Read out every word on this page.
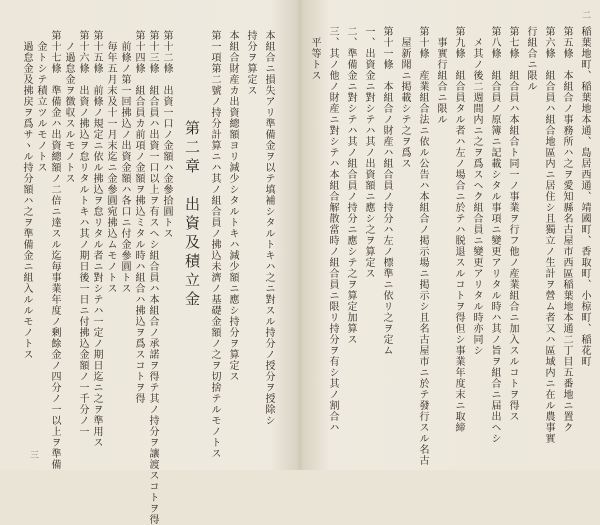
二
稲葉地町、稲葉地本通、島居西通、靖國町、香取町、小椋町、稲花町
第五條　本組合ノ事務所ハ之ヲ愛知縣名古屋市西區稲葉地本通二丁目五番地ニ置ク
第六條　組合員ハ組合地區内ニ居住シ且獨立ノ生計ヲ營ム者又ハ區域内ニ在ル農事實
行組合ニ限ル
第七條　組合員ハ本組合ト同一ノ事業ヲ行フ他ノ産業組合ニ加入スルコトヲ得ス
第八條　組合員ノ原簿ニ記載シタル事項ニ變更アリタル時ハ其ノ旨ヲ組合ニ届出ヘシ
　メ其ノ後二週間内ニ之ヲ爲スヘク組合員ニ變更アリタル時亦同シ
第九條　組合員タル者ハ左ノ場合ニ於テハ脱退スルコトヲ得但シ事業年度末ニ取締
　事實行組合ニ限ル
第十條　産業組合法ニ依ル公告ハ本組合ノ掲示場ニ掲示シ且名古屋市ニ於テ發行スル名古
　屋新聞ニ掲載シテ之ヲ爲ス
第十一條　本組合ノ財産ハ組合員ノ持分ハ左ノ標準ニ依リ之ヲ定ム
一、出資金ニ對シテハ其ノ出資額ニ應シ之ヲ算定ス
二、準備金ニ對シテハ其ノ組合員ノ持分ニ應シテ之ヲ算定加算ス
三、其ノ他ノ財産ニ對シテハ本組合解散當時ノ組合員ニ限リ持分ヲ有シ其ノ割合ハ
　平等トス
本組合ニ損失アリ準備金ヲ以テ填補シタルトキハ之ニ對スル持分ノ授分ヲ授除シ
持分ヲ算定ス
本組合財産カ出資總額ヨリ減少シタルトキハ減少額ニ應シ持分ヲ算定ス
第一項第二號ノ持分計算ニハ其ノ組合員ノ拂込未濟ノ基礎金額ノ之ヲ切捨テルモノトス
第二章　出資及積立金
第十二條　出資一口ノ金額ハ金參拾圓トス
第十三條　組合員ハ出資一口以上ヲ有スヘシ組合員ハ本組合ノ承諾ヲ得テ其ノ持分ヲ讓渡スコトヲ得
第十四條　組合員カ前項ノ金額ヲ拂込ミタル時ハ組合ハ拂込ヲ爲スコトヲ得
　前條ノ第一回拂込ノ出資金額ハ各口ニ付金參圓トス
　毎年五月末及十一月末迄ニ金參圓宛拂込ムモノトス
第十五條　前條ノ規定ニ依ル拂込ヲ怠リタル者ニ對シテハ一定ノ期日迄ニ之ヲ準用ス
第十六條　出資ノ拂込ヲ怠リタルトキハ其ノ期日後一日ニ付拂込金額ノ一千分ノ一
　ノ過怠金ヲ徴収スルモノトス
第十七條　準備金ハ出資總額ノ二倍ニ達スル迄毎事業年度ノ剰餘金ノ四分ノ一以上ヲ準備
　金トシテ積立ツルモノトス
　過怠金及拂戻ヲ爲サヽル持分額ハ之ヲ準備金ニ組入ルルモノトス
三
